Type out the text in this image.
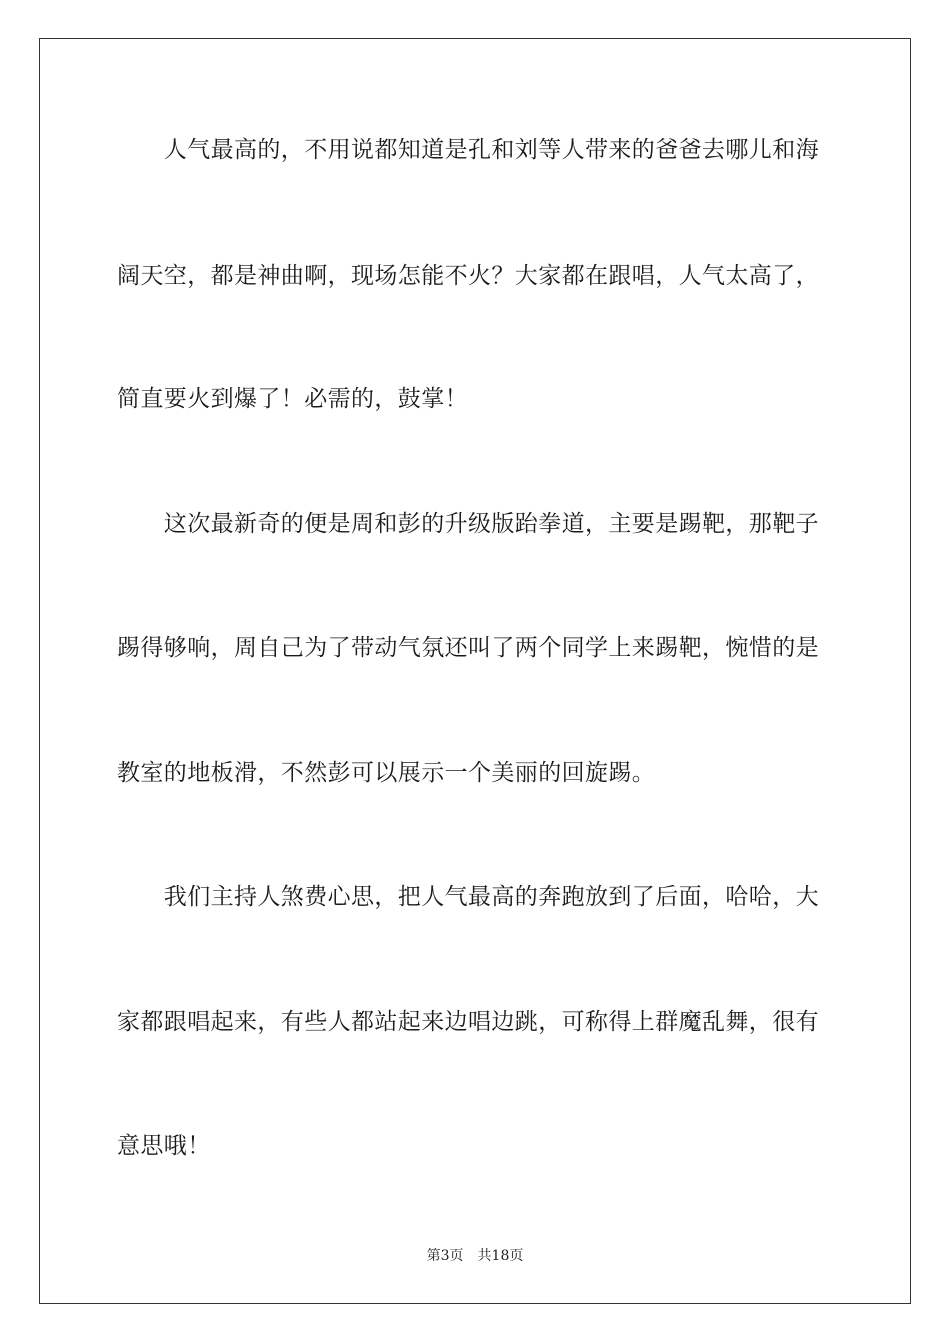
　　人气最高的，不用说都知道是孔和刘等人带来的爸爸去哪儿和海
阔天空，都是神曲啊，现场怎能不火？大家都在跟唱，人气太高了，
简直要火到爆了！必需的，鼓掌！
　　这次最新奇的便是周和彭的升级版跆拳道，主要是踢靶，那靶子
踢得够响，周自己为了带动气氛还叫了两个同学上来踢靶，惋惜的是
教室的地板滑，不然彭可以展示一个美丽的回旋踢。
　　我们主持人煞费心思，把人气最高的奔跑放到了后面，哈哈，大
家都跟唱起来，有些人都站起来边唱边跳，可称得上群魔乱舞，很有
意思哦！
第3页 共18页
